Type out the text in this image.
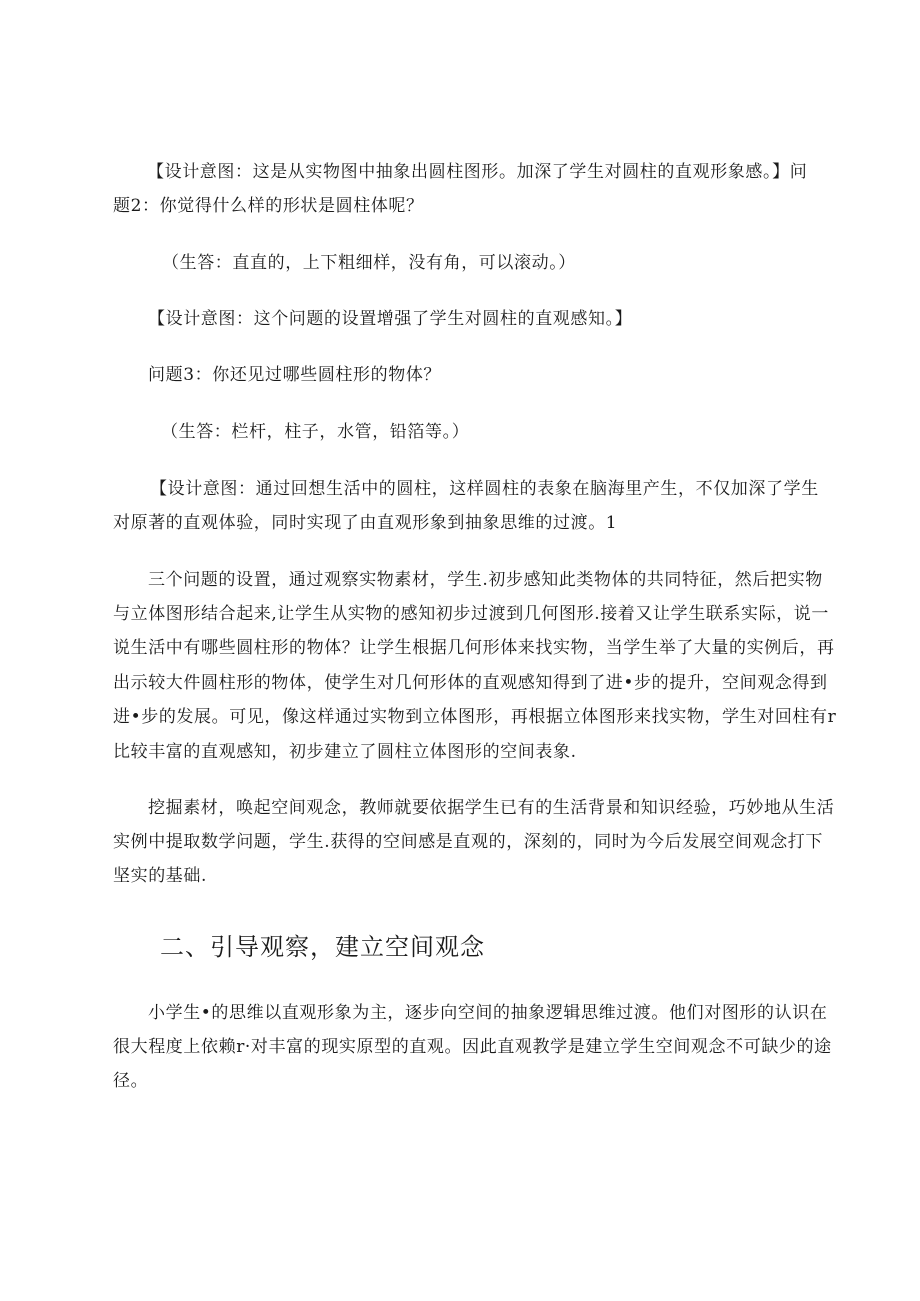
【设计意图：这是从实物图中抽象出圆柱图形。加深了学生对圆柱的直观形象感。】问
题2：你觉得什么样的形状是圆柱体呢？
（生答：直直的，上下粗细样，没有角，可以滚动。）
【设计意图：这个问题的设置增强了学生对圆柱的直观感知。】
问题3：你还见过哪些圆柱形的物体？
（生答：栏杆，柱子，水管，铅箔等。）
【设计意图：通过回想生活中的圆柱，这样圆柱的表象在脑海里产生，不仅加深了学生
对原著的直观体验，同时实现了由直观形象到抽象思维的过渡。1
三个问题的设置，通过观察实物素材，学生.初步感知此类物体的共同特征，然后把实物
与立体图形结合起来,让学生从实物的感知初步过渡到几何图形.接着又让学生联系实际，说一
说生活中有哪些圆柱形的物体？让学生根据几何形体来找实物，当学生举了大量的实例后，再
出示较大件圆柱形的物体，使学生对几何形体的直观感知得到了进•步的提升，空间观念得到
进•步的发展。可见，像这样通过实物到立体图形，再根据立体图形来找实物，学生对回柱有r
比较丰富的直观感知，初步建立了圆柱立体图形的空间表象.
挖掘素材，唤起空间观念，教师就要依据学生已有的生活背景和知识经验，巧妙地从生活
实例中提取数学问题，学生.获得的空间感是直观的，深刻的，同时为今后发展空间观念打下
坚实的基础.
二、引导观察，建立空间观念
小学生•的思维以直观形象为主，逐步向空间的抽象逻辑思维过渡。他们对图形的认识在
很大程度上依赖r·对丰富的现实原型的直观。因此直观教学是建立学生空间观念不可缺少的途
径。
